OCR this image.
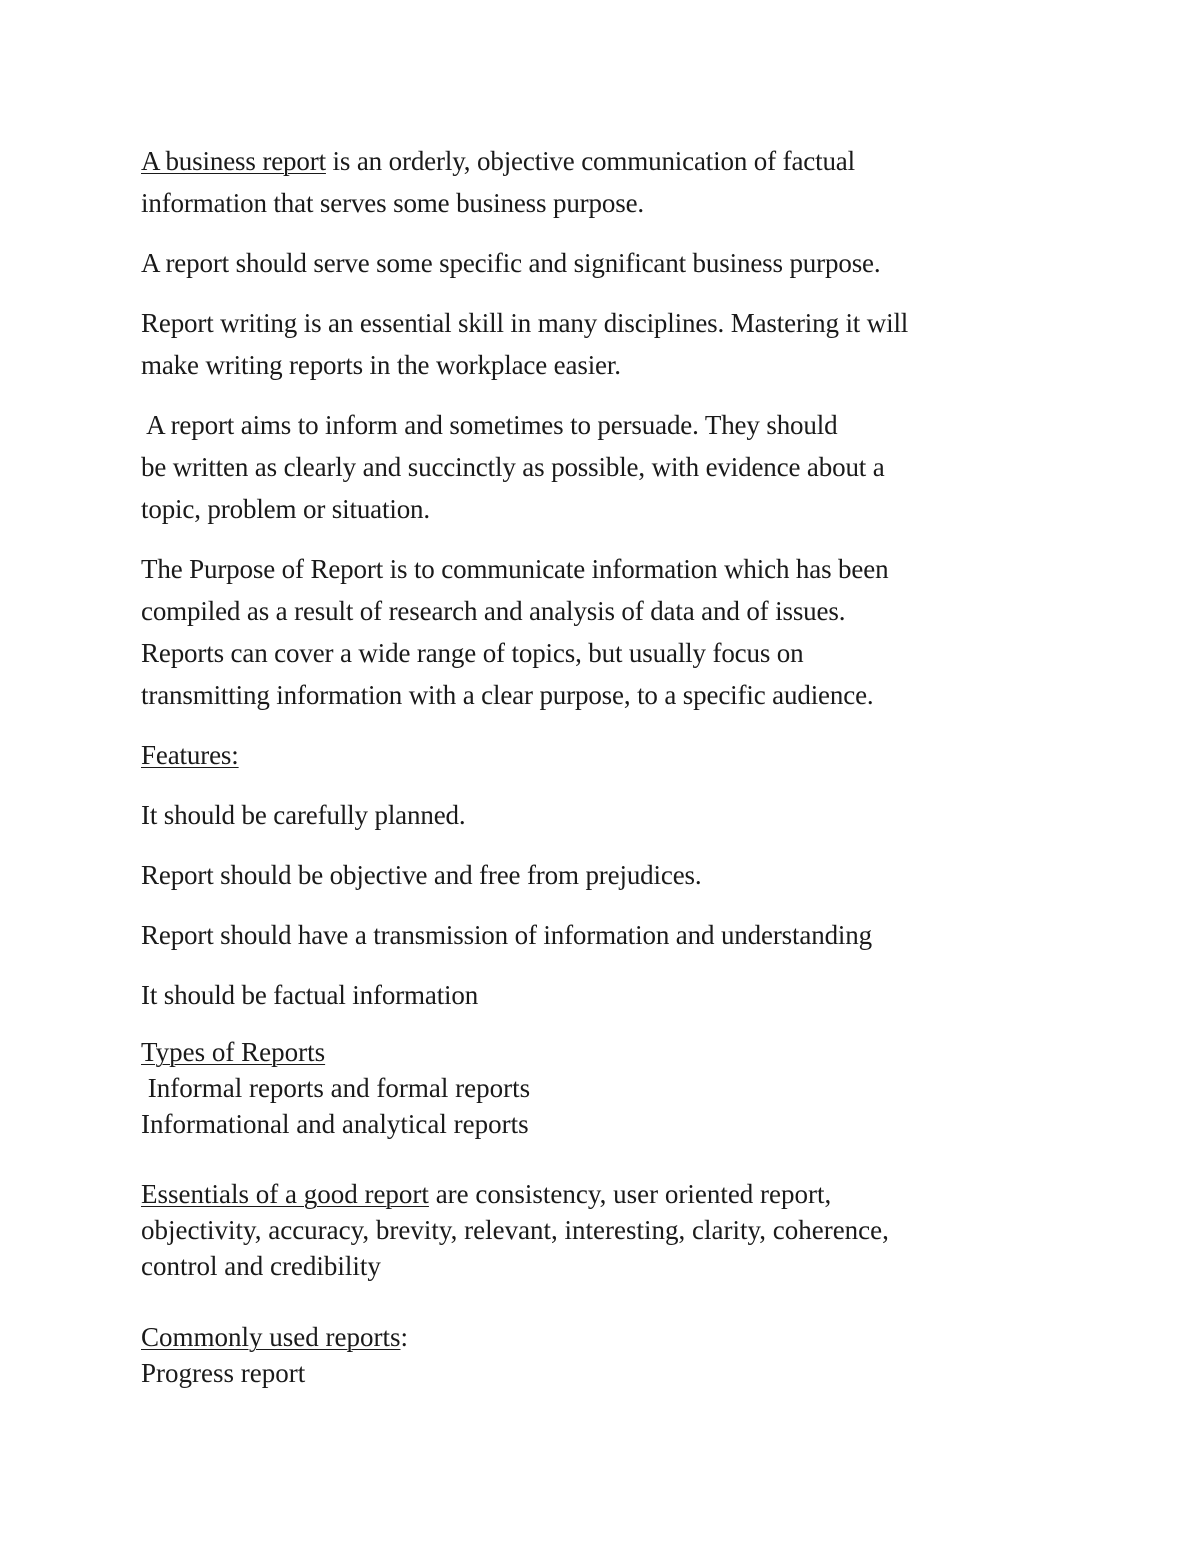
A business report is an orderly, objective communication of factual
information that serves some business purpose.

A report should serve some specific and significant business purpose.

Report writing is an essential skill in many disciplines. Mastering it will
make writing reports in the workplace easier.

A report aims to inform and sometimes to persuade. They should
be written as clearly and succinctly as possible, with evidence about a
topic, problem or situation.

The Purpose of Report is to communicate information which has been
compiled as a result of research and analysis of data and of issues.
Reports can cover a wide range of topics, but usually focus on
transmitting information with a clear purpose, to a specific audience.

Features:

It should be carefully planned.

Report should be objective and free from prejudices.

Report should have a transmission of information and understanding

It should be factual information

Types of Reports

Informal reports and formal reports

Informational and analytical reports

Essentials of a good report are consistency, user oriented report,

objectivity, accuracy, brevity, relevant, interesting, clarity, coherence,

control and credibility

Commonly used reports:

Progress report
